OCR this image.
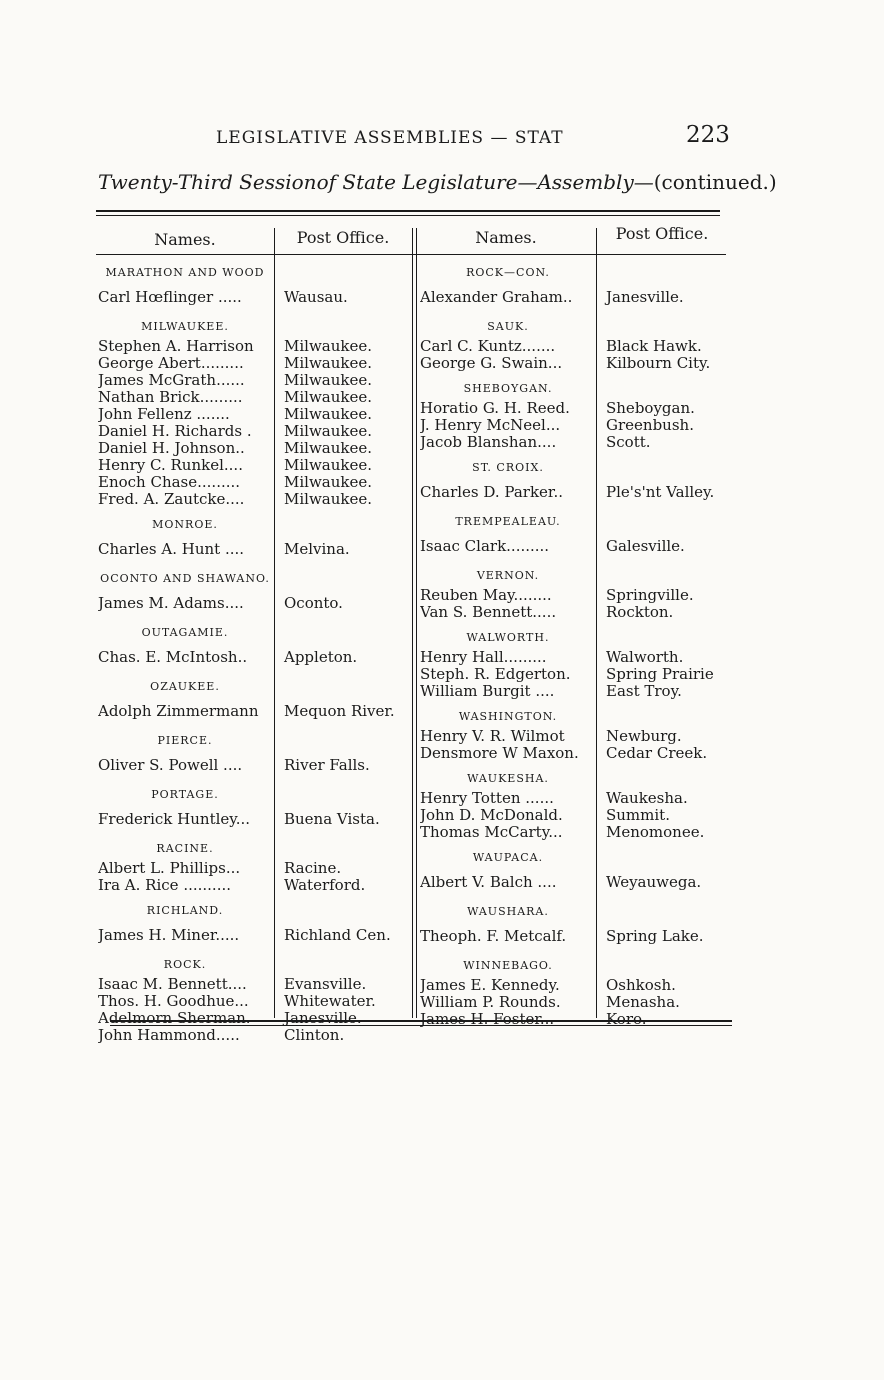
LEGISLATIVE ASSEMBLIES — STAT	223
Twenty-Third Sessionof State Legislature—Assembly—(continued.)
Names.	Post Office.	Names.	Post Office.
MARATHON AND WOOD
Carl Hœflinger .....	Wausau.
MILWAUKEE.
Stephen A. Harrison Milwaukee.
George Abert.........	Milwaukee.
James McGrath......	Milwaukee.
Nathan Brick.........	Milwaukee.
John Fellenz .......	Milwaukee.
Daniel H. Richards . Milwaukee.
Daniel H. Johnson..	Milwaukee.
Henry C. Runkel....	Milwaukee.
Enoch Chase.........	Milwaukee.
Fred. A. Zautcke....	Milwaukee.
MONROE.
Charles A. Hunt ....	Melvina.
OCONTO AND SHAWANO.
James M. Adams....	Oconto.
OUTAGAMIE.
Chas. E. McIntosh.. Appleton.
OZAUKEE.
Adolph Zimmermann Mequon River.
PIERCE.
Oliver S. Powell ....	River Falls.
PORTAGE.
Frederick Huntley... Buena Vista.
RACINE.
Albert L. Phillips...	Racine.
Ira A. Rice ..........	Waterford.
RICHLAND.
James H. Miner.....	Richland Cen.
ROCK.
Isaac M. Bennett.... Evansville.
Thos. H. Goodhue... Whitewater.
Adelmorn Sherman. Janesville.
John Hammond.....	Clinton.
ROCK—CON.
Alexander Graham.. Janesville.
SAUK.
Carl C. Kuntz.......	Black Hawk.
George G. Swain...	Kilbourn City.
SHEBOYGAN.
Horatio G. H. Reed. Sheboygan.
J. Henry McNeel...	Greenbush.
Jacob Blanshan....	Scott.
ST. CROIX.
Charles D. Parker..	Ple's'nt Valley.
TREMPEALEAU.
Isaac Clark.........	Galesville.
VERNON.
Reuben May........	Springville.
Van S. Bennett.....	Rockton.
WALWORTH.
Henry Hall.........	Walworth.
Steph. R. Edgerton. Spring Prairie
William Burgit ....	East Troy.
WASHINGTON.
Henry V. R. Wilmot	Newburg.
Densmore W Maxon. Cedar Creek.
WAUKESHA.
Henry Totten ......	Waukesha.
John D. McDonald.	Summit.
Thomas McCarty...	Menomonee.
WAUPACA.
Albert V. Balch ....	Weyauwega.
WAUSHARA.
Theoph. F. Metcalf.	Spring Lake.
WINNEBAGO.
James E. Kennedy.	Oshkosh.
William P. Rounds.	Menasha.
James H. Foster...	Koro.
